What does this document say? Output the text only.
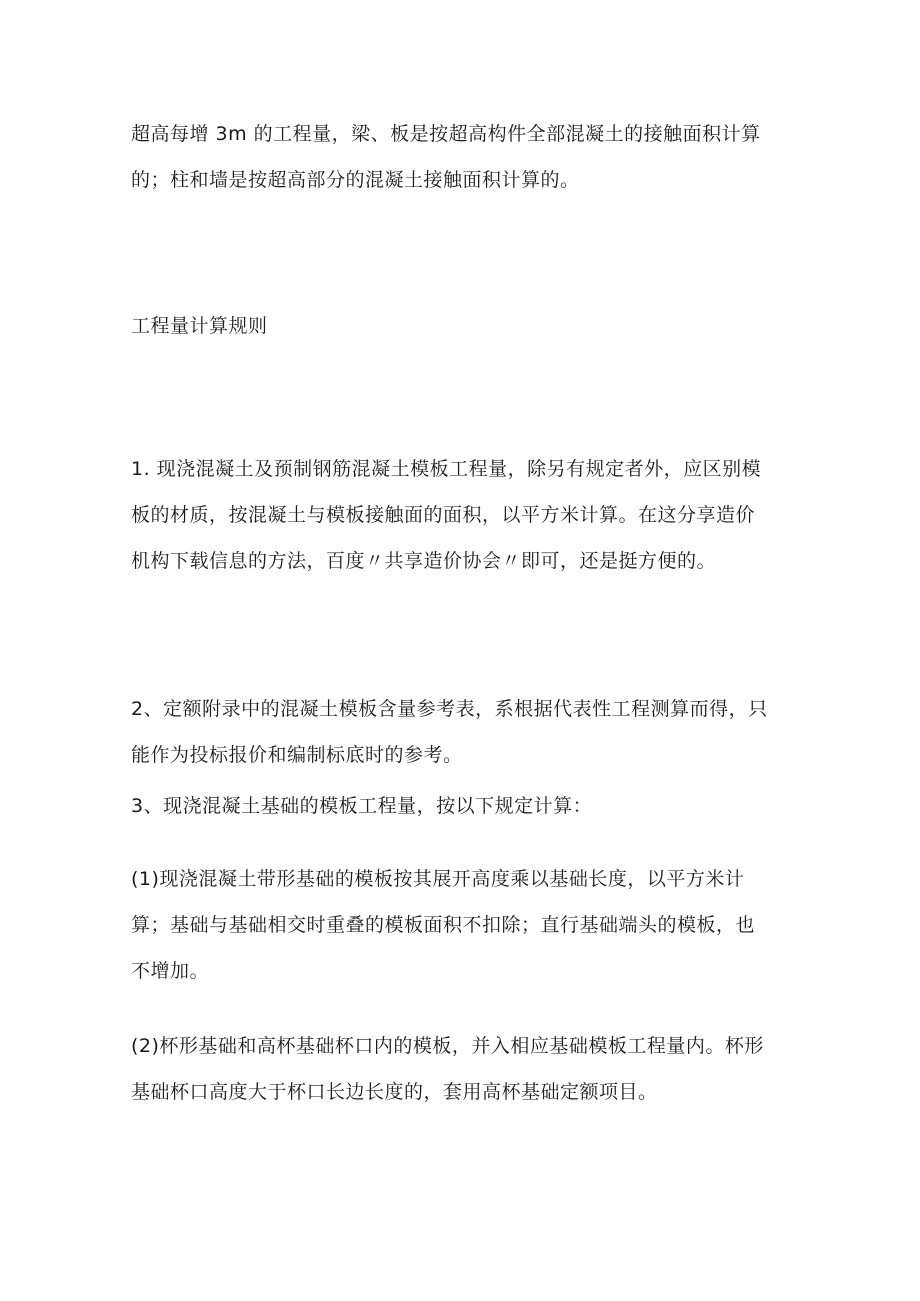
超高每增 3m 的工程量，梁、板是按超高构件全部混凝土的接触面积计算
的；柱和墙是按超高部分的混凝土接触面积计算的。

工程量计算规则

1. 现浇混凝土及预制钢筋混凝土模板工程量，除另有规定者外，应区别模
板的材质，按混凝土与模板接触面的面积，以平方米计算。在这分享造价
机构下载信息的方法，百度〃共享造价协会〃即可，还是挺方便的。

2、定额附录中的混凝土模板含量参考表，系根据代表性工程测算而得，只
能作为投标报价和编制标底时的参考。

3、现浇混凝土基础的模板工程量，按以下规定计算：

(1)现浇混凝土带形基础的模板按其展开高度乘以基础长度，以平方米计
算；基础与基础相交时重叠的模板面积不扣除；直行基础端头的模板，也
不增加。

(2)杯形基础和高杯基础杯口内的模板，并入相应基础模板工程量内。杯形
基础杯口高度大于杯口长边长度的，套用高杯基础定额项目。
